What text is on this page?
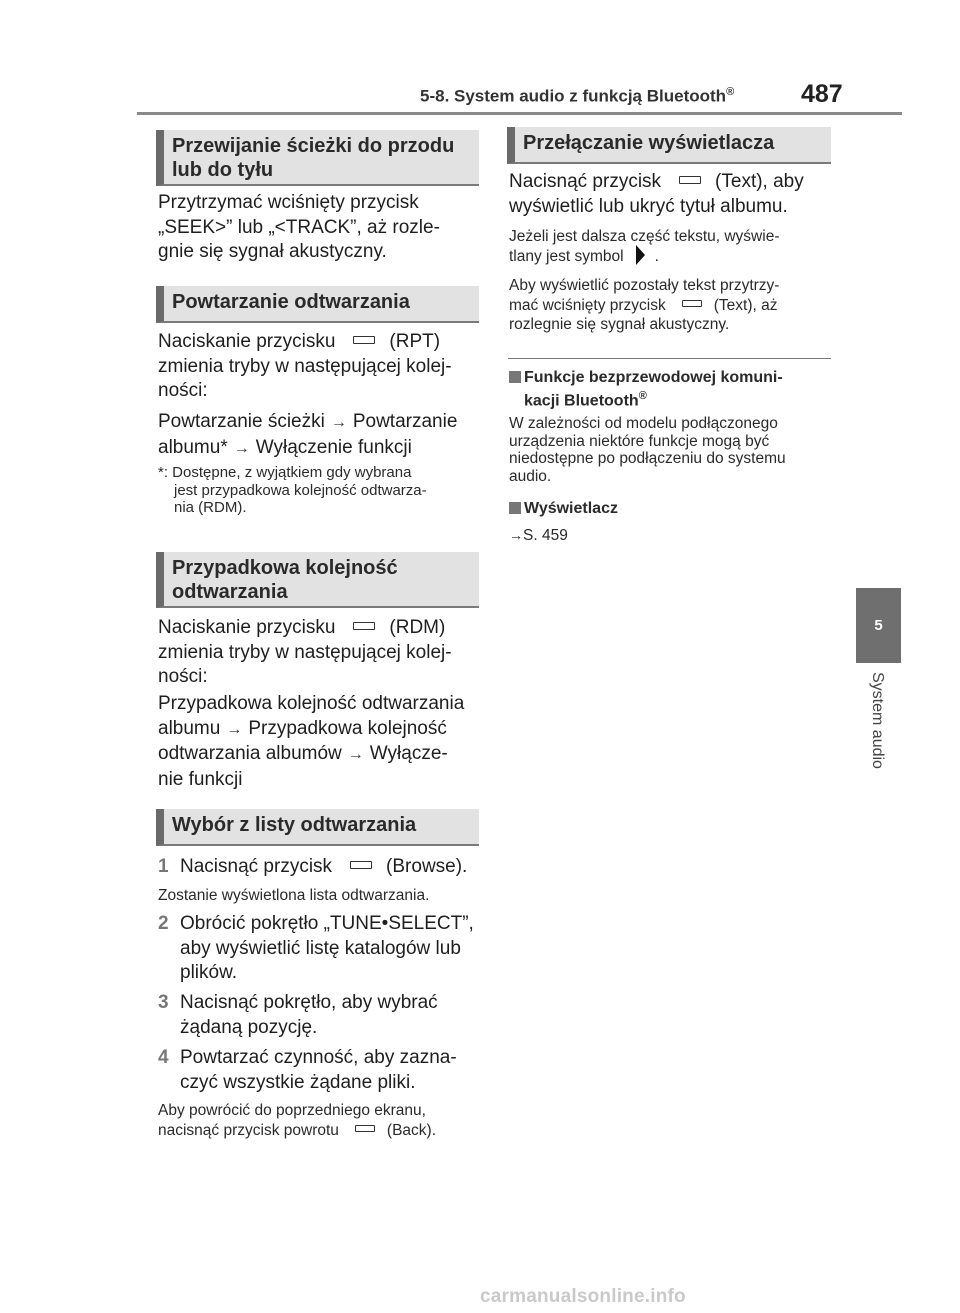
5-8. System audio z funkcją Bluetooth®	487
5
System audio
Przewijanie ścieżki do przodu
lub do tyłu
Przytrzymać wciśnięty przycisk
„SEEK>” lub „<TRACK”, aż rozle-
gnie się sygnał akustyczny.
Powtarzanie odtwarzania
Naciskanie przycisku	(RPT)
zmienia tryby w następującej kolej-
ności:
Powtarzanie ścieżki → Powtarzanie
albumu* → Wyłączenie funkcji
*: Dostępne, z wyjątkiem gdy wybrana
jest przypadkowa kolejność odtwarza-
nia (RDM).
Przypadkowa kolejność
odtwarzania
Naciskanie przycisku	(RDM)
zmienia tryby w następującej kolej-
ności:
Przypadkowa kolejność odtwarzania
albumu → Przypadkowa kolejność
odtwarzania albumów → Wyłącze-
nie funkcji
Wybór z listy odtwarzania
1 Nacisnąć przycisk	(Browse).
Zostanie wyświetlona lista odtwarzania.
2 Obrócić pokrętło „TUNE•SELECT”,
aby wyświetlić listę katalogów lub
plików.
3 Nacisnąć pokrętło, aby wybrać
żądaną pozycję.
4 Powtarzać czynność, aby zazna-
czyć wszystkie żądane pliki.
Aby powrócić do poprzedniego ekranu,
nacisnąć przycisk powrotu	(Back).
Przełączanie wyświetlacza
Nacisnąć przycisk	(Text), aby
wyświetlić lub ukryć tytuł albumu.
Jeżeli jest dalsza część tekstu, wyświe-
tlany jest symbol .
Aby wyświetlić pozostały tekst przytrzy-
mać wciśnięty przycisk	(Text), aż
rozlegnie się sygnał akustyczny.
Funkcje bezprzewodowej komuni-
kacji Bluetooth®
W zależności od modelu podłączonego
urządzenia niektóre funkcje mogą być
niedostępne po podłączeniu do systemu
audio.
Wyświetlacz
→S. 459
carmanualsonline.info
